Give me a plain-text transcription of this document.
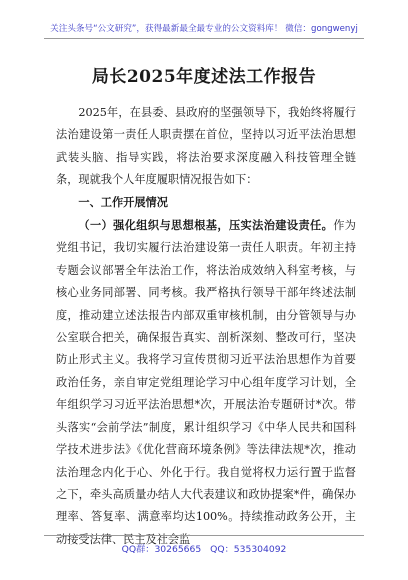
关注头条号“公文研究”，获得最新最全最专业的公文资料库！ 微信：gongwenyj
局长2025年度述法工作报告

2025年，在县委、县政府的坚强领导下，我始终将履行法治建设第一责任人职责摆在首位，坚持以习近平法治思想武装头脑、指导实践，将法治要求深度融入科技管理全链条，现就我个人年度履职情况报告如下：

一、工作开展情况

（一）强化组织与思想根基，压实法治建设责任。作为党组书记，我切实履行法治建设第一责任人职责。年初主持专题会议部署全年法治工作，将法治成效纳入科室考核，与核心业务同部署、同考核。我严格执行领导干部年终述法制度，推动建立述法报告内部双重审核机制，由分管领导与办公室联合把关，确保报告真实、剖析深刻、整改可行，坚决防止形式主义。我将学习宣传贯彻习近平法治思想作为首要政治任务，亲自审定党组理论学习中心组年度学习计划，全年组织学习习近平法治思想*次，开展法治专题研讨*次。带头落实“会前学法”制度，累计组织学习《中华人民共和国科学技术进步法》《优化营商环境条例》等法律法规*次，推动法治理念内化于心、外化于行。我自觉将权力运行置于监督之下，牵头高质量办结人大代表建议和政协提案*件，确保办理率、答复率、满意率均达100%。持续推动政务公开，主动接受法律、民主及社会监

QQ群：30265665 QQ：535304092
